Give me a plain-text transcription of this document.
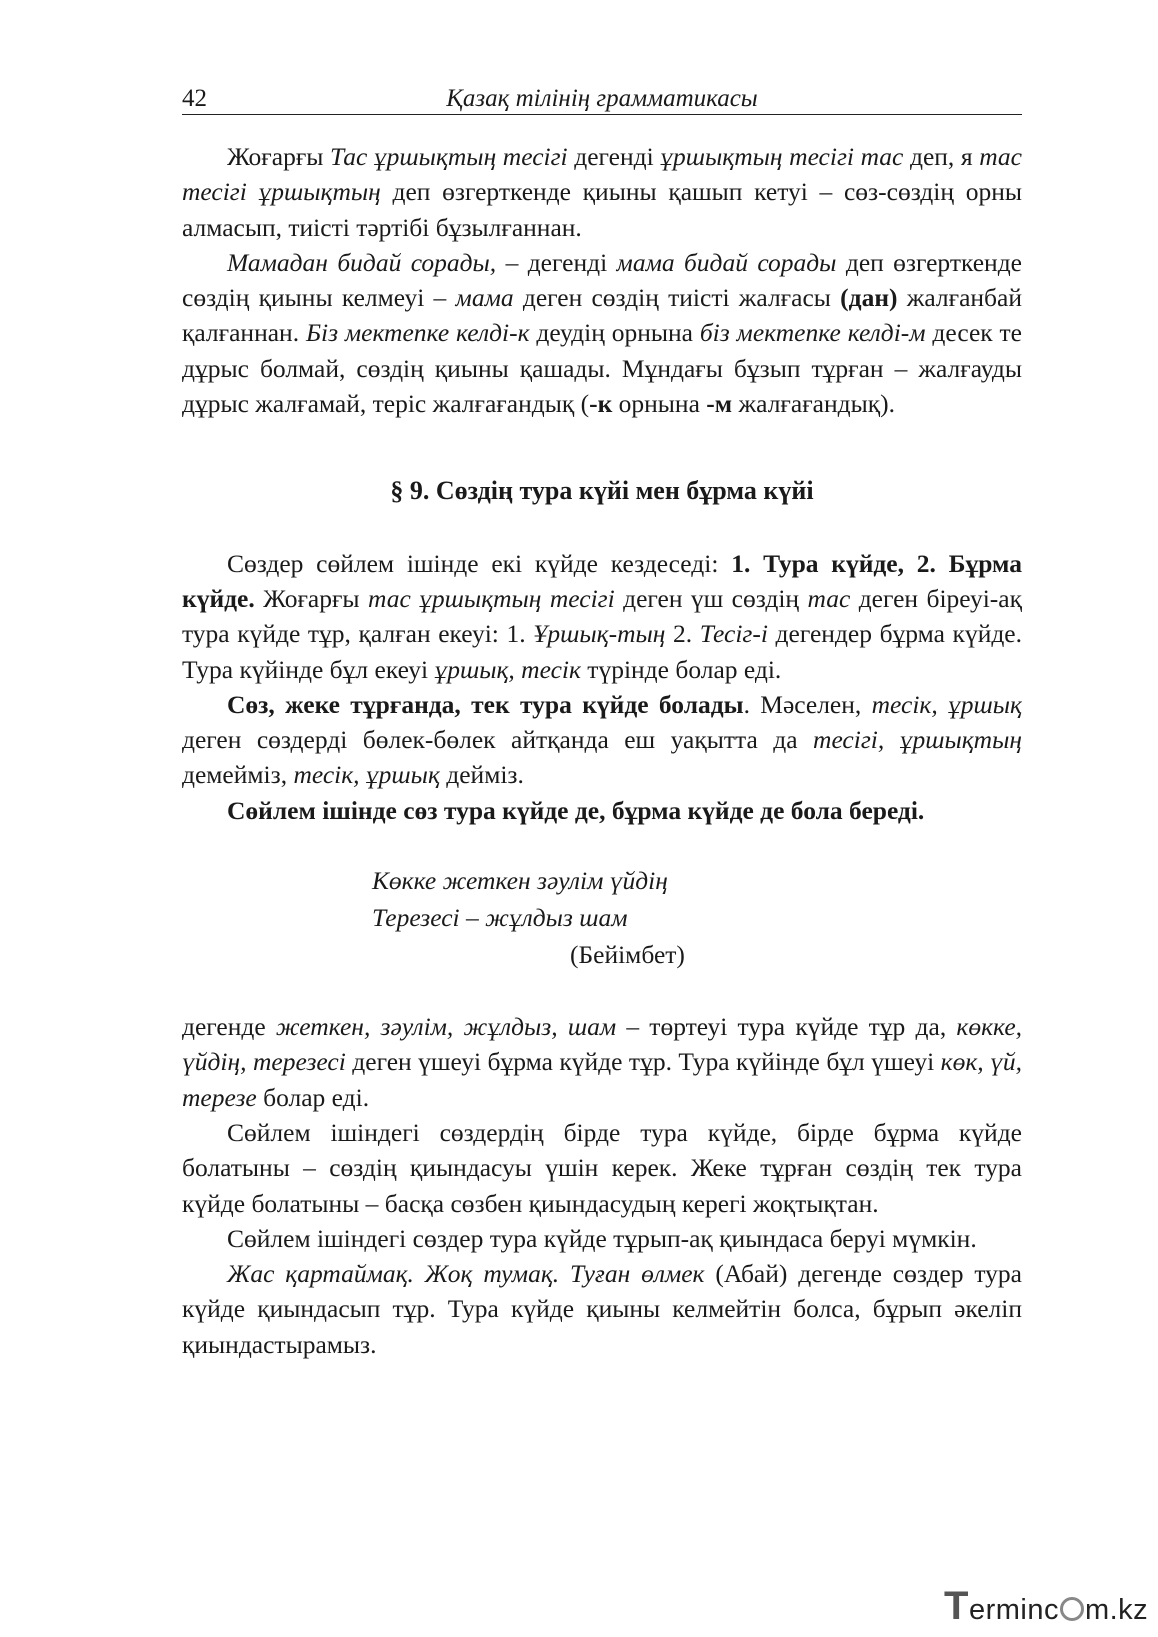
42	Қазақ тілінің грамматикасы

Жоғарғы Тас ұршықтың тесігі дегенді ұршықтың тесігі тас деп, я тас тесігі ұршықтың деп өзгерткенде қиыны қашып кетуі – сөз-сөздің орны алмасып, тиісті тәртібі бұзылғаннан.

Мамадан бидай сорады, – дегенді мама бидай сорады деп өзгерткенде сөздің қиыны келмеуі – мама деген сөздің тиісті жалғасы (дан) жалғанбай қалғаннан. Біз мектепке келді-к деудің орнына біз мектепке келді-м десек те дұрыс болмай, сөздің қиыны қашады. Мұндағы бұзып тұрған – жалғауды дұрыс жалғамай, теріс жалғағандық (-к орнына -м жалғағандық).

§ 9. Сөздің тура күйі мен бұрма күйі

Сөздер сөйлем ішінде екі күйде кездеседі: 1. Тура күйде, 2. Бұрма күйде. Жоғарғы тас ұршықтың тесігі деген үш сөздің тас деген біреуі-ақ тура күйде тұр, қалған екеуі: 1. Ұршық-тың 2. Тесіг-і дегендер бұрма күйде. Тура күйінде бұл екеуі ұршық, тесік түрінде болар еді.

Сөз, жеке тұрғанда, тек тура күйде болады. Мәселен, тесік, ұршық деген сөздерді бөлек-бөлек айтқанда еш уақытта да тесігі, ұршықтың демейміз, тесік, ұршық дейміз.

Сөйлем ішінде сөз тура күйде де, бұрма күйде де бола береді.

Көкке жеткен зәулім үйдің
Терезесі – жұлдыз шам
(Бейімбет)

дегенде жеткен, зәулім, жұлдыз, шам – төртеуі тура күйде тұр да, көкке, үйдің, терезесі деген үшеуі бұрма күйде тұр. Тура күйінде бұл үшеуі көк, үй, терезе болар еді.

Сөйлем ішіндегі сөздердің бірде тура күйде, бірде бұрма күйде болатыны – сөздің қиындасуы үшін керек. Жеке тұрған сөздің тек тура күйде болатыны – басқа сөзбен қиындасудың керегі жоқтықтан.

Сөйлем ішіндегі сөздер тура күйде тұрып-ақ қиындаса беруі мүмкін.

Жас қартаймақ. Жоқ тумақ. Туған өлмек (Абай) дегенде сөздер тура күйде қиындасып тұр. Тура күйде қиыны келмейтін болса, бұрып әкеліп қиындастырамыз.

Terminc m.kz
